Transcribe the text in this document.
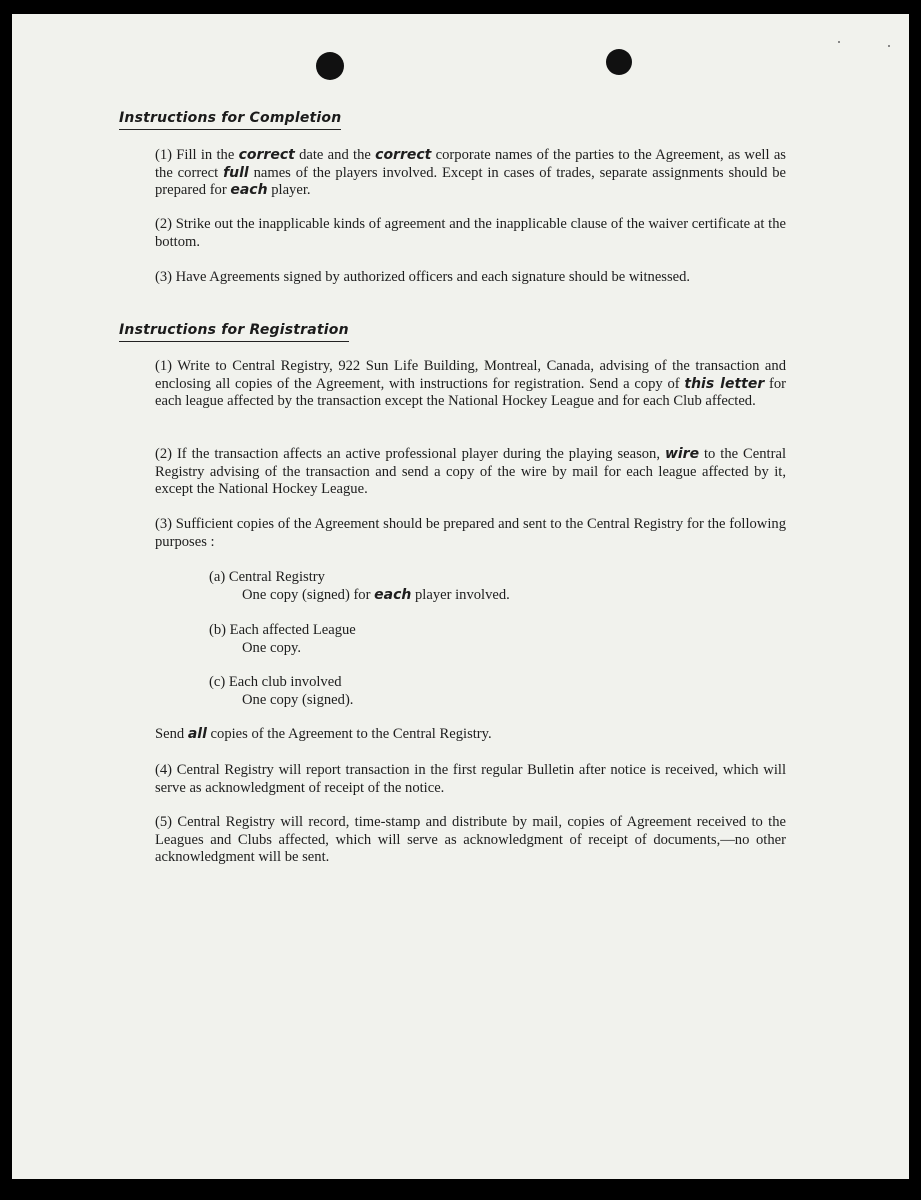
Instructions for Completion

(1) Fill in the correct date and the correct corporate names of the parties to the Agreement, as well as the correct full names of the players involved. Except in cases of trades, separate assignments should be prepared for each player.

(2) Strike out the inapplicable kinds of agreement and the inapplicable clause of the waiver certificate at the bottom.

(3) Have Agreements signed by authorized officers and each signature should be witnessed.

Instructions for Registration

(1) Write to Central Registry, 922 Sun Life Building, Montreal, Canada, advising of the transaction and enclosing all copies of the Agreement, with instructions for registration. Send a copy of this letter for each league affected by the transaction except the National Hockey League and for each Club affected.

(2) If the transaction affects an active professional player during the playing season, wire to the Central Registry advising of the transaction and send a copy of the wire by mail for each league affected by it, except the National Hockey League.

(3) Sufficient copies of the Agreement should be prepared and sent to the Central Registry for the following purposes :

(a) Central Registry
One copy (signed) for each player involved.
(b) Each affected League
One copy.
(c) Each club involved
One copy (signed).

Send all copies of the Agreement to the Central Registry.

(4) Central Registry will report transaction in the first regular Bulletin after notice is received, which will serve as acknowledgment of receipt of the notice.

(5) Central Registry will record, time-stamp and distribute by mail, copies of Agreement received to the Leagues and Clubs affected, which will serve as acknowledgment of receipt of documents,—no other acknowledgment will be sent.
